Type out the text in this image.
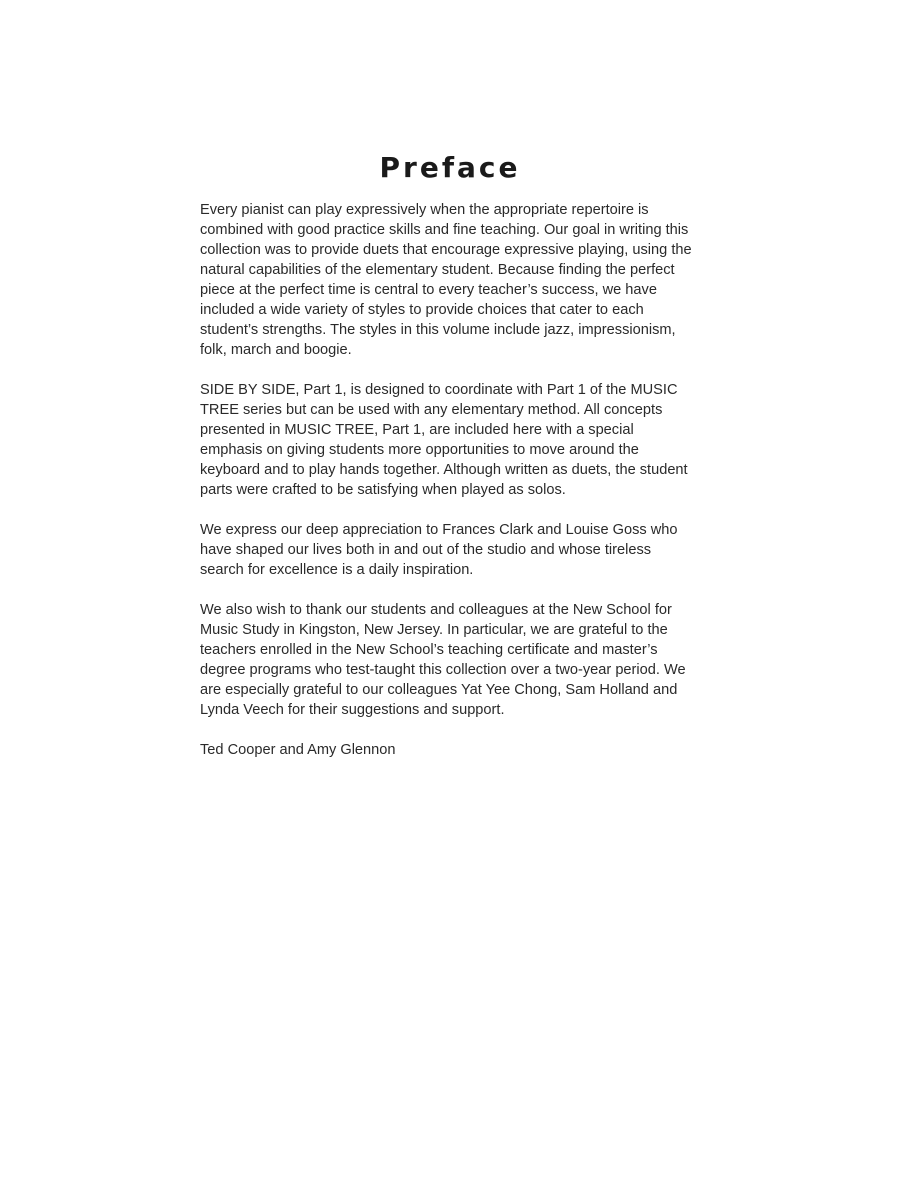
Preface

Every pianist can play expressively when the appropriate repertoire is combined with good practice skills and fine teaching. Our goal in writing this collection was to provide duets that encourage expressive playing, using the natural capabilities of the elementary student. Because finding the perfect piece at the perfect time is central to every teacher’s success, we have included a wide variety of styles to provide choices that cater to each student’s strengths. The styles in this volume include jazz, impressionism, folk, march and boogie.

SIDE BY SIDE, Part 1, is designed to coordinate with Part 1 of the MUSIC TREE series but can be used with any elementary method. All concepts presented in MUSIC TREE, Part 1, are included here with a special emphasis on giving students more opportunities to move around the keyboard and to play hands together. Although written as duets, the student parts were crafted to be satisfying when played as solos.

We express our deep appreciation to Frances Clark and Louise Goss who have shaped our lives both in and out of the studio and whose tireless search for excellence is a daily inspiration.

We also wish to thank our students and colleagues at the New School for Music Study in Kingston, New Jersey. In particular, we are grateful to the teachers enrolled in the New School’s teaching certificate and master’s degree programs who test-taught this collection over a two-year period. We are especially grateful to our colleagues Yat Yee Chong, Sam Holland and Lynda Veech for their suggestions and support.

Ted Cooper and Amy Glennon
